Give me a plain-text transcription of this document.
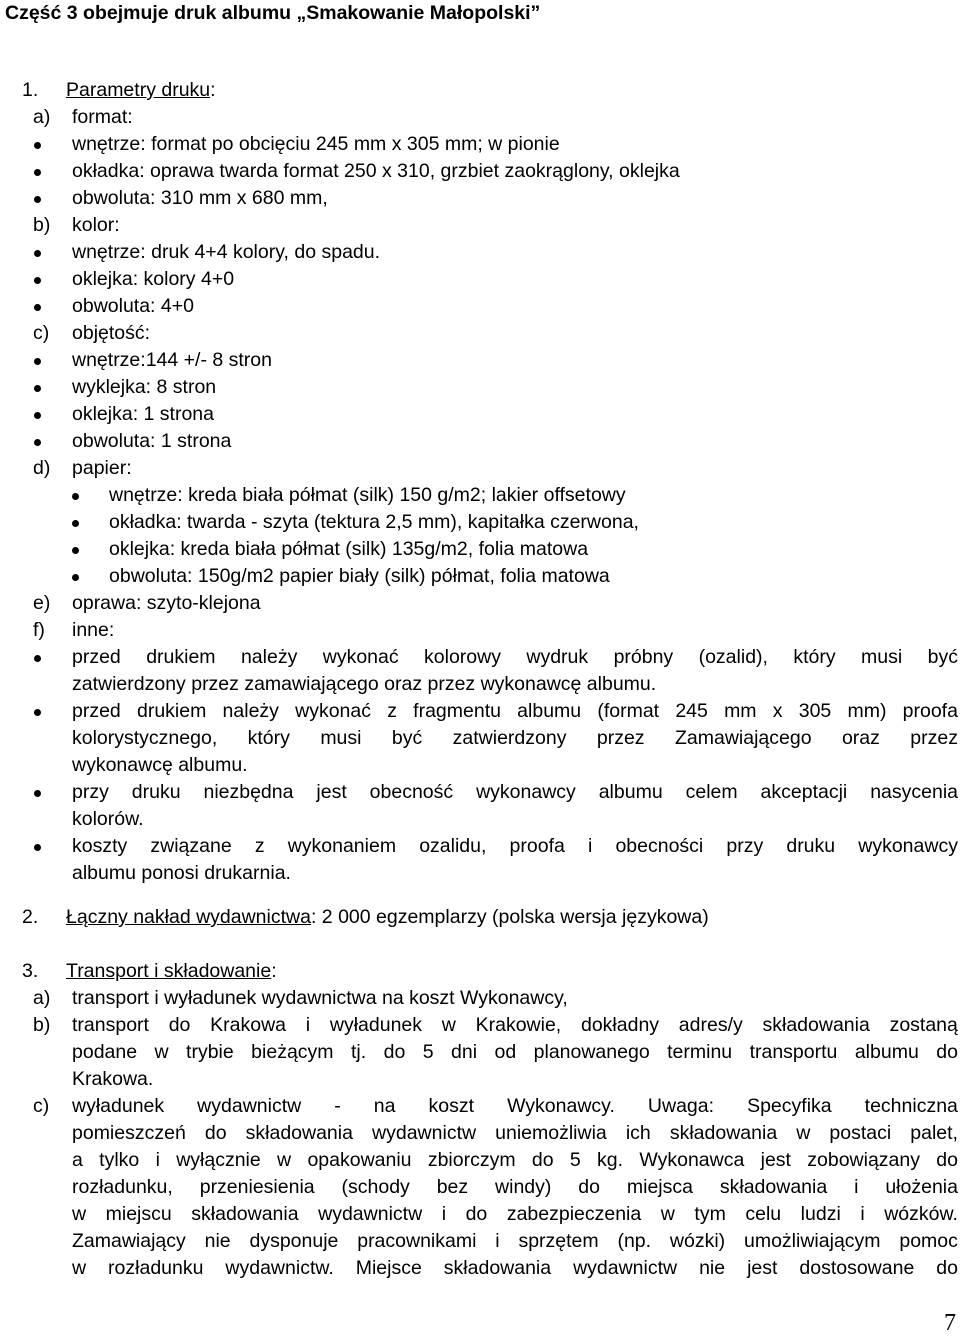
Część 3 obejmuje druk albumu „Smakowanie Małopolski”
1. Parametry druku:
a) format:
wnętrze: format po obcięciu 245 mm x 305 mm; w pionie
okładka: oprawa twarda format 250 x 310, grzbiet zaokrąglony, oklejka
obwoluta: 310 mm x 680 mm,
b) kolor:
wnętrze: druk 4+4 kolory, do spadu.
oklejka: kolory 4+0
obwoluta: 4+0
c) objętość:
wnętrze:144 +/- 8 stron
wyklejka: 8 stron
oklejka: 1 strona
obwoluta: 1 strona
d) papier:
wnętrze: kreda biała półmat (silk) 150 g/m2; lakier offsetowy
okładka: twarda - szyta (tektura 2,5 mm), kapitałka czerwona,
oklejka: kreda biała półmat (silk) 135g/m2, folia matowa
obwoluta: 150g/m2 papier biały (silk) półmat, folia matowa
e) oprawa: szyto-klejona
f) inne:
przed drukiem należy wykonać kolorowy wydruk próbny (ozalid), który musi być
zatwierdzony przez zamawiającego oraz przez wykonawcę albumu.
przed drukiem należy wykonać z fragmentu albumu (format 245 mm x 305 mm) proofa
kolorystycznego, który musi być zatwierdzony przez Zamawiającego oraz przez
wykonawcę albumu.
przy druku niezbędna jest obecność wykonawcy albumu celem akceptacji nasycenia
kolorów.
koszty związane z wykonaniem ozalidu, proofa i obecności przy druku wykonawcy
albumu ponosi drukarnia.
2. Łączny nakład wydawnictwa: 2 000 egzemplarzy (polska wersja językowa)
3. Transport i składowanie:
a) transport i wyładunek wydawnictwa na koszt Wykonawcy,
b) transport do Krakowa i wyładunek w Krakowie, dokładny adres/y składowania zostaną
podane w trybie bieżącym tj. do 5 dni od planowanego terminu transportu albumu do
Krakowa.
c) wyładunek wydawnictw - na koszt Wykonawcy. Uwaga: Specyfika techniczna
pomieszczeń do składowania wydawnictw uniemożliwia ich składowania w postaci palet,
a tylko i wyłącznie w opakowaniu zbiorczym do 5 kg. Wykonawca jest zobowiązany do
rozładunku, przeniesienia (schody bez windy) do miejsca składowania i ułożenia
w miejscu składowania wydawnictw i do zabezpieczenia w tym celu ludzi i wózków.
Zamawiający nie dysponuje pracownikami i sprzętem (np. wózki) umożliwiającym pomoc
w rozładunku wydawnictw. Miejsce składowania wydawnictw nie jest dostosowane do
7
